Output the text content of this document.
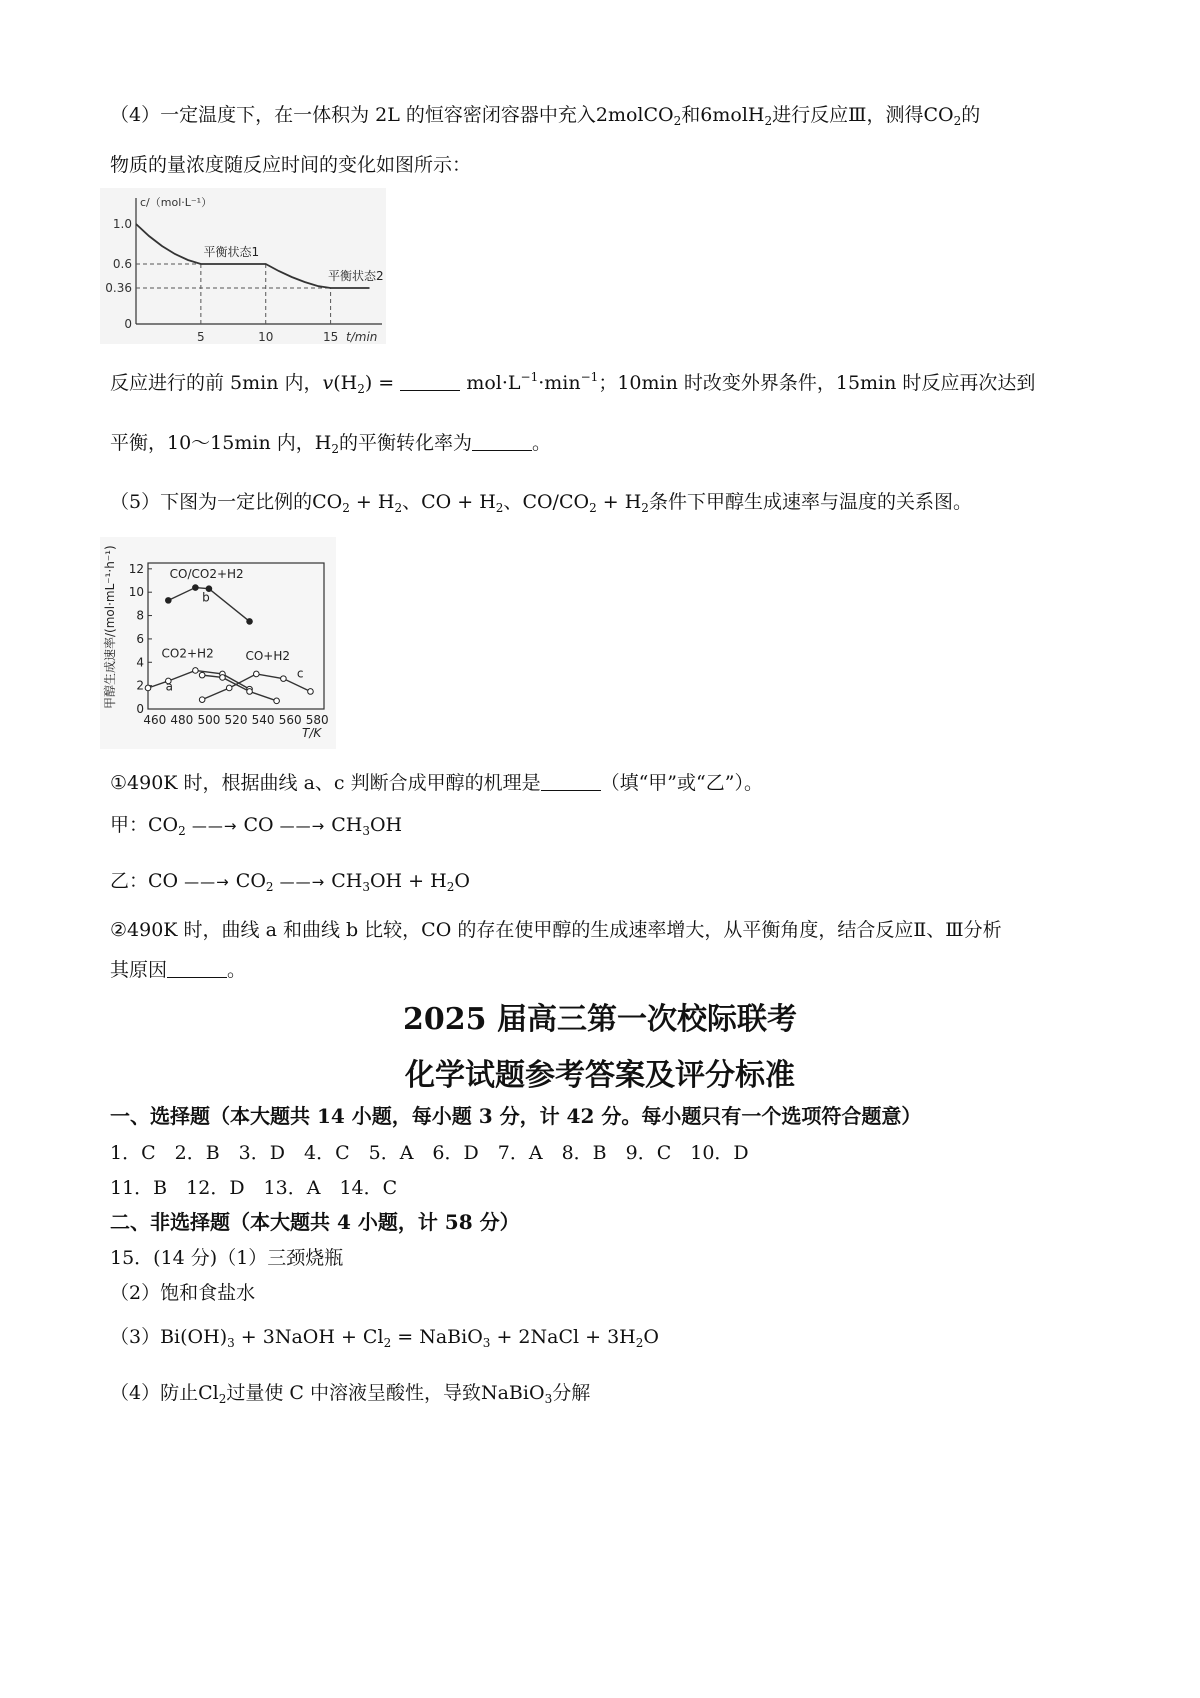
（4）一定温度下，在一体积为 2L 的恒容密闭容器中充入2molCO$_2$和6molH$_2$进行反应Ⅲ，测得$CO_2$的
物质的量浓度随反应时间的变化如图所示：
c/（mol·L⁻¹）
t/min
1.0
0.6
0.36
0
5	10	15
平衡状态1
平衡状态2
反应进行的前 5min 内，$v(H_2)$ =	$mol\cdot L^{-1}\cdot\min^{-1}$；10min 时改变外界条件，15min 时反应再次达到
平衡，10～15min 内，$H_2$的平衡转化率为	。
（5）下图为一定比例的$CO_2 + H_2$、CO + $H_2$、$CO/CO_2 + H_2$条件下甲醇生成速率与温度的关系图。
0
2
4
6
8
10
12
460 480 500 520 540 560 580
T/K
甲醇生成速率/(mol·mL⁻¹·h⁻¹)	CO/CO2+H2
b
CO2+H2
a
CO+H2
c
①490K 时，根据曲线 a、c 判断合成甲醇的机理是	（填“甲”或“乙”）。
甲：$CO_2$ ——→ CO ——→ $CH_3OH$
乙：CO ——→ $CO_2$ ——→ $CH_3OH + H_2O$
②490K 时，曲线 a 和曲线 b 比较，CO 的存在使甲醇的生成速率增大，从平衡角度，结合反应Ⅱ、Ⅲ分析
其原因	。
2025 届高三第一次校际联考
化学试题参考答案及评分标准
一、选择题（本大题共 14 小题，每小题 3 分，计 42 分。每小题只有一个选项符合题意）
1．C　2．B　3．D　4．C　5．A　6．D　7．A　8．B　9．C　10．D
11．B　12．D　13．A　14．C
二、非选择题（本大题共 4 小题，计 58 分）
15．(14 分)（1）三颈烧瓶
（2）饱和食盐水
$(3)Bi(OH)_3$ + 3NaOH + $Cl_2$ = NaBiO$_3$ + 2NaCl + $3H_2O$
（4）防止$Cl_2$过量使 C 中溶液呈酸性，导致NaBiO$_3$分解
